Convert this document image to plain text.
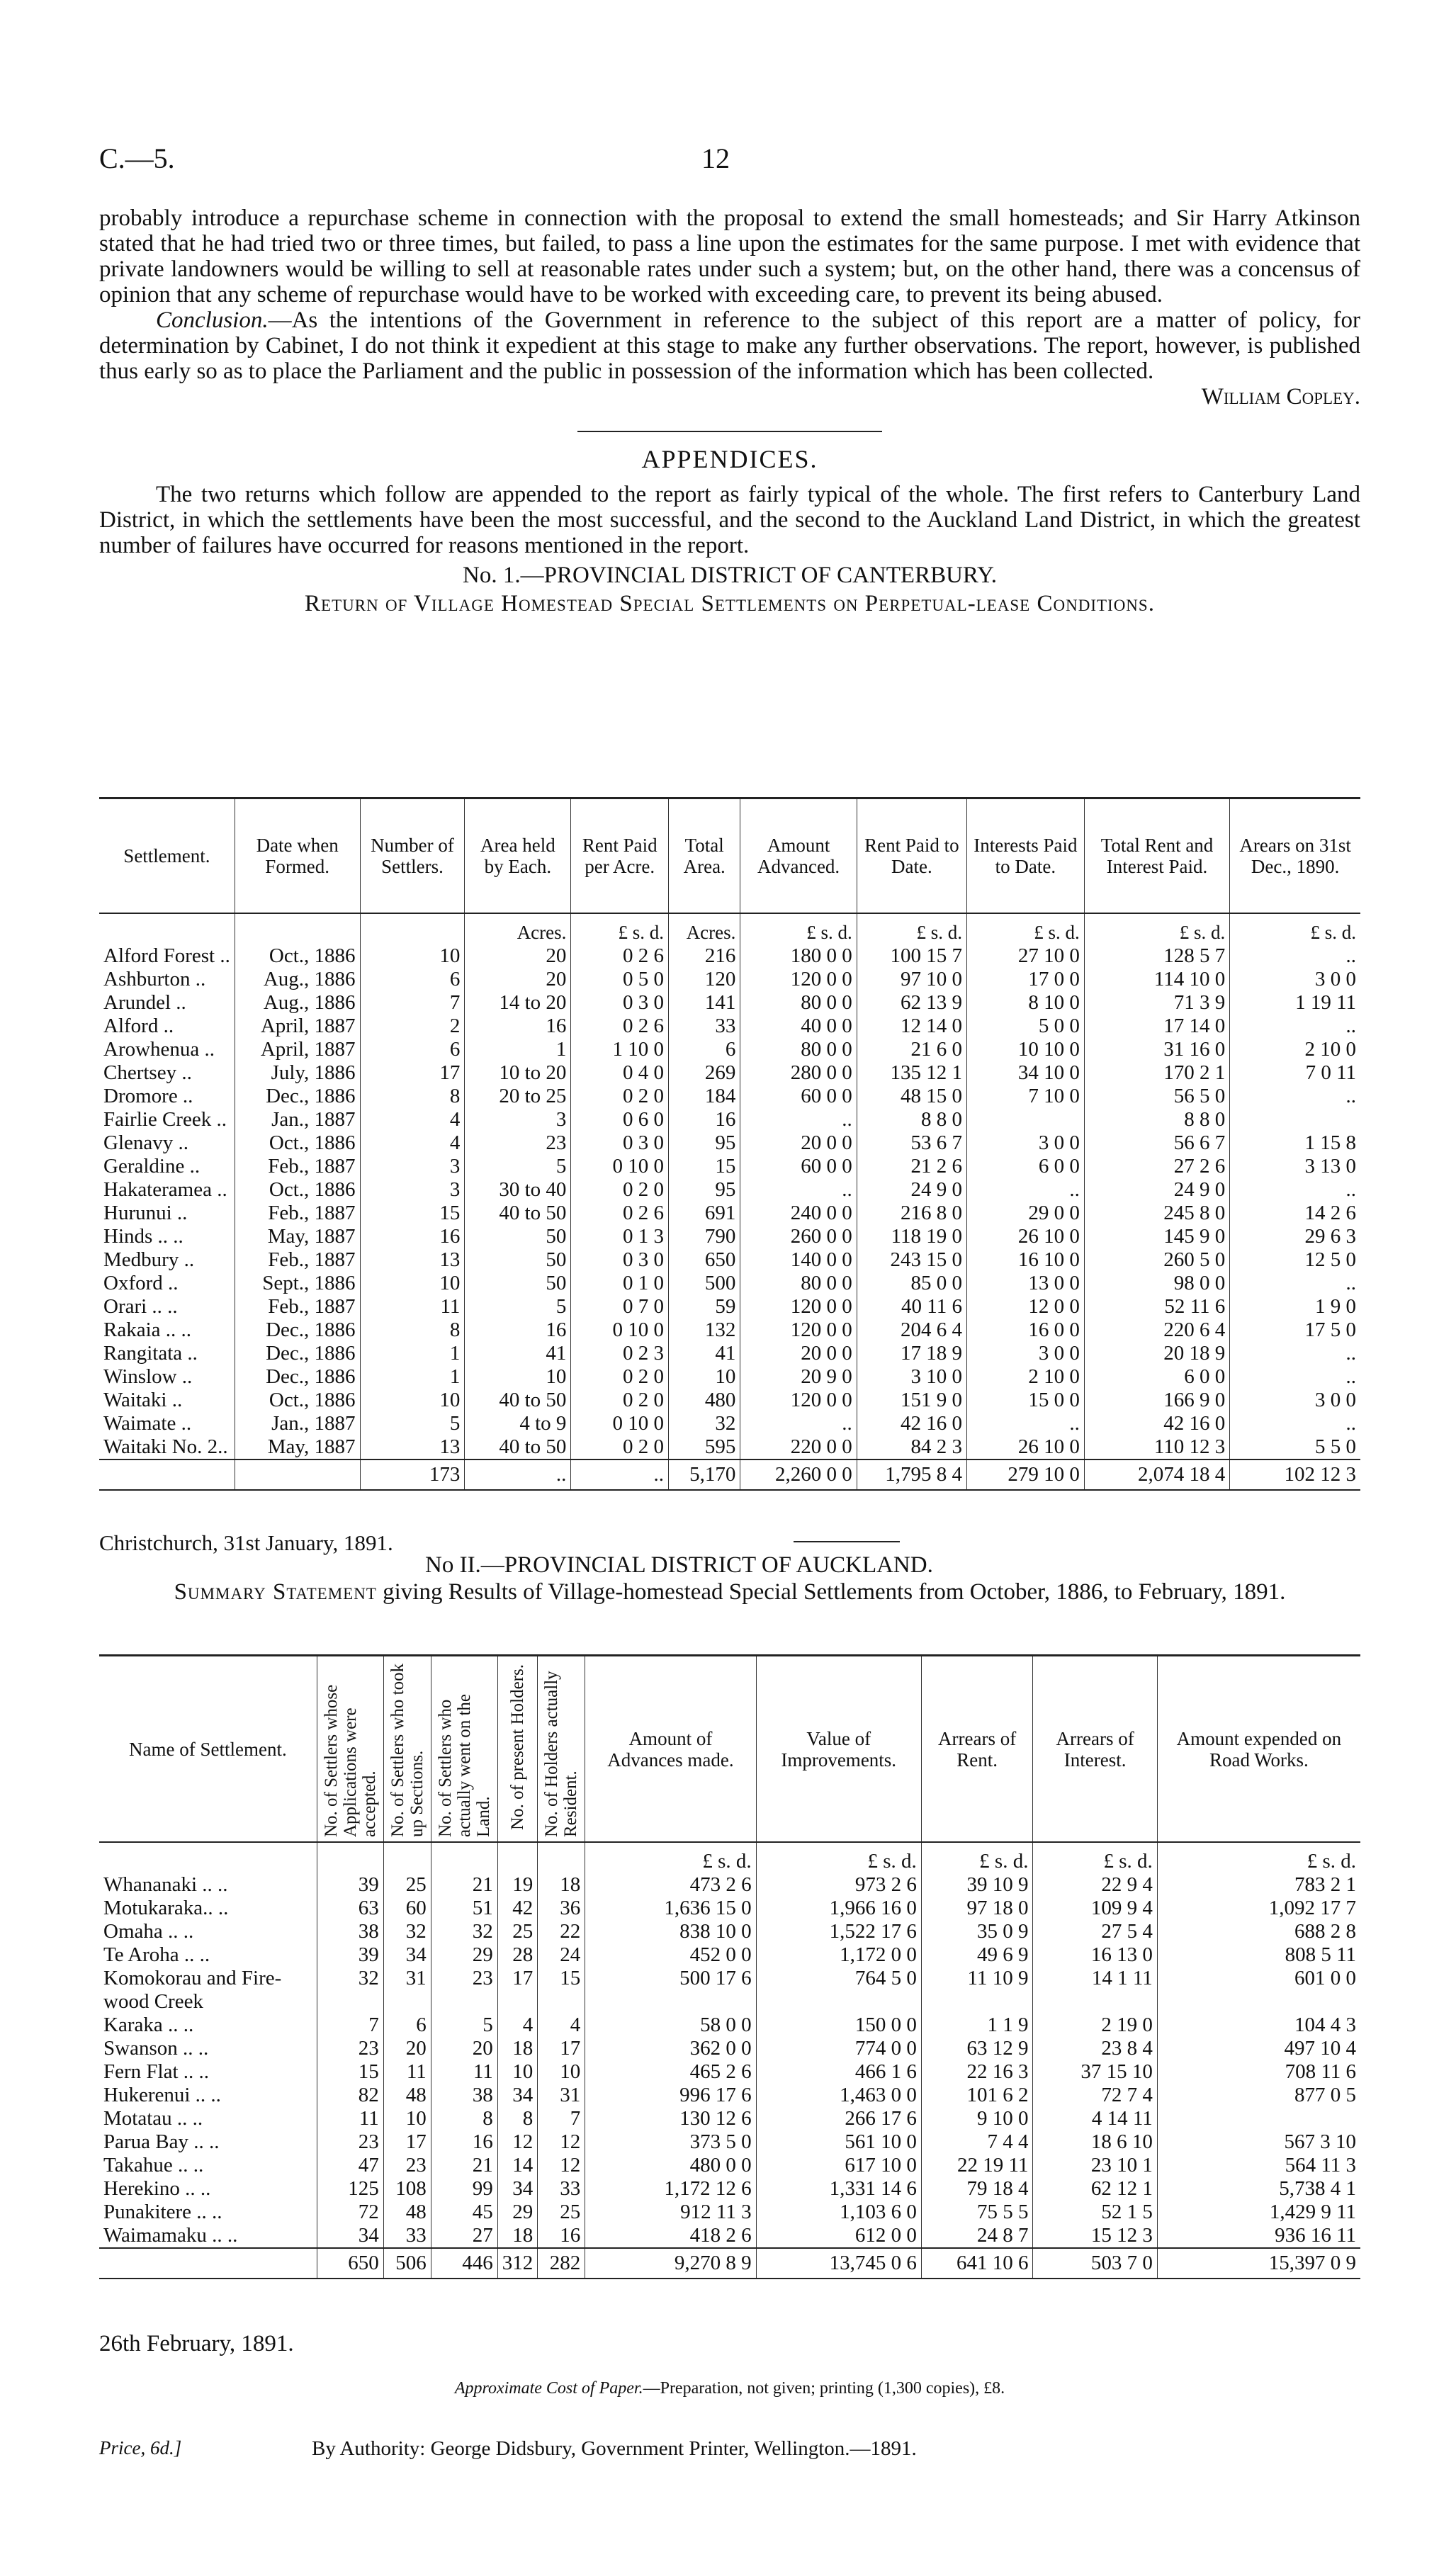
C.—5.	12

probably introduce a repurchase scheme in connection with the proposal to extend the small homesteads; and Sir Harry Atkinson stated that he had tried two or three times, but failed, to pass a line upon the estimates for the same purpose. I met with evidence that private landowners would be willing to sell at reasonable rates under such a system; but, on the other hand, there was a concensus of opinion that any scheme of repurchase would have to be worked with exceeding care, to prevent its being abused.

Conclusion.—As the intentions of the Government in reference to the subject of this report are a matter of policy, for determination by Cabinet, I do not think it expedient at this stage to make any further observations. The report, however, is published thus early so as to place the Parliament and the public in possession of the information which has been collected.

William Copley.

APPENDICES.

The two returns which follow are appended to the report as fairly typical of the whole. The first refers to Canterbury Land District, in which the settlements have been the most successful, and the second to the Auckland Land District, in which the greatest number of failures have occurred for reasons mentioned in the report.

No. 1.—PROVINCIAL DISTRICT OF CANTERBURY.
Return of Village Homestead Special Settlements on Perpetual-lease Conditions.
Settlement.	Date when Formed.	Number of Settlers.	Area held by Each.	Rent Paid per Acre.	Total Area.	Amount Advanced.	Rent Paid to Date.	Interests Paid to Date.	Total Rent and Interest Paid.	Arears on 31st Dec., 1890.
			Acres.	£ s. d.	Acres.	£ s. d.	£ s. d.	£ s. d.	£ s. d.	£ s. d.
Alford Forest ..	Oct., 1886	10	20	0 2 6	216	180 0 0	100 15 7	27 10 0	128 5 7	..
Ashburton ..	Aug., 1886	6	20	0 5 0	120	120 0 0	97 10 0	17 0 0	114 10 0	3 0 0
Arundel ..	Aug., 1886	7	14 to 20	0 3 0	141	80 0 0	62 13 9	8 10 0	71 3 9	1 19 11
Alford ..	April, 1887	2	16	0 2 6	33	40 0 0	12 14 0	5 0 0	17 14 0	..
Arowhenua ..	April, 1887	6	1	1 10 0	6	80 0 0	21 6 0	10 10 0	31 16 0	2 10 0
Chertsey ..	July, 1886	17	10 to 20	0 4 0	269	280 0 0	135 12 1	34 10 0	170 2 1	7 0 11
Dromore ..	Dec., 1886	8	20 to 25	0 2 0	184	60 0 0	48 15 0	7 10 0	56 5 0	..
Fairlie Creek ..	Jan., 1887	4	3	0 6 0	16	..	8 8 0		8 8 0	
Glenavy ..	Oct., 1886	4	23	0 3 0	95	20 0 0	53 6 7	3 0 0	56 6 7	1 15 8
Geraldine ..	Feb., 1887	3	5	0 10 0	15	60 0 0	21 2 6	6 0 0	27 2 6	3 13 0
Hakateramea ..	Oct., 1886	3	30 to 40	0 2 0	95	..	24 9 0	..	24 9 0	..
Hurunui ..	Feb., 1887	15	40 to 50	0 2 6	691	240 0 0	216 8 0	29 0 0	245 8 0	14 2 6
Hinds .. ..	May, 1887	16	50	0 1 3	790	260 0 0	118 19 0	26 10 0	145 9 0	29 6 3
Medbury ..	Feb., 1887	13	50	0 3 0	650	140 0 0	243 15 0	16 10 0	260 5 0	12 5 0
Oxford ..	Sept., 1886	10	50	0 1 0	500	80 0 0	85 0 0	13 0 0	98 0 0	..
Orari .. ..	Feb., 1887	11	5	0 7 0	59	120 0 0	40 11 6	12 0 0	52 11 6	1 9 0
Rakaia .. ..	Dec., 1886	8	16	0 10 0	132	120 0 0	204 6 4	16 0 0	220 6 4	17 5 0
Rangitata ..	Dec., 1886	1	41	0 2 3	41	20 0 0	17 18 9	3 0 0	20 18 9	..
Winslow ..	Dec., 1886	1	10	0 2 0	10	20 9 0	3 10 0	2 10 0	6 0 0	..
Waitaki ..	Oct., 1886	10	40 to 50	0 2 0	480	120 0 0	151 9 0	15 0 0	166 9 0	3 0 0
Waimate ..	Jan., 1887	5	4 to 9	0 10 0	32	..	42 16 0	..	42 16 0	..
Waitaki No. 2..	May, 1887	13	40 to 50	0 2 0	595	220 0 0	84 2 3	26 10 0	110 12 3	5 5 0
		173	..	..	5,170	2,260 0 0	1,795 8 4	279 10 0	2,074 18 4	102 12 3
Christchurch, 31st January, 1891.
No II.—PROVINCIAL DISTRICT OF AUCKLAND.
Summary Statement giving Results of Village-homestead Special Settlements from October, 1886, to February, 1891.
Name of Settlement.	No. of Settlers whose Applications were accepted.	No. of Settlers who took up Sections.	No. of Settlers who actually went on the Land.	No. of present Holders.	No. of Holders actually Resident.	Amount of Advances made.	Value of Improvements.	Arrears of Rent.	Arrears of Interest.	Amount expended on Road Works.
						£ s. d.	£ s. d.	£ s. d.	£ s. d.	£ s. d.
Whananaki .. ..	39	25	21	19	18	473 2 6	973 2 6	39 10 9	22 9 4	783 2 1
Motukaraka.. ..	63	60	51	42	36	1,636 15 0	1,966 16 0	97 18 0	109 9 4	1,092 17 7
Omaha .. ..	38	32	32	25	22	838 10 0	1,522 17 6	35 0 9	27 5 4	688 2 8
Te Aroha .. ..	39	34	29	28	24	452 0 0	1,172 0 0	49 6 9	16 13 0	808 5 11
Komokorau and Fire-wood Creek	32	31	23	17	15	500 17 6	764 5 0	11 10 9	14 1 11	601 0 0
Karaka .. ..	7	6	5	4	4	58 0 0	150 0 0	1 1 9	2 19 0	104 4 3
Swanson .. ..	23	20	20	18	17	362 0 0	774 0 0	63 12 9	23 8 4	497 10 4
Fern Flat .. ..	15	11	11	10	10	465 2 6	466 1 6	22 16 3	37 15 10	708 11 6
Hukerenui .. ..	82	48	38	34	31	996 17 6	1,463 0 0	101 6 2	72 7 4	877 0 5
Motatau .. ..	11	10	8	8	7	130 12 6	266 17 6	9 10 0	4 14 11	
Parua Bay .. ..	23	17	16	12	12	373 5 0	561 10 0	7 4 4	18 6 10	567 3 10
Takahue .. ..	47	23	21	14	12	480 0 0	617 10 0	22 19 11	23 10 1	564 11 3
Herekino .. ..	125	108	99	34	33	1,172 12 6	1,331 14 6	79 18 4	62 12 1	5,738 4 1
Punakitere .. ..	72	48	45	29	25	912 11 3	1,103 6 0	75 5 5	52 1 5	1,429 9 11
Waimamaku .. ..	34	33	27	18	16	418 2 6	612 0 0	24 8 7	15 12 3	936 16 11
	650	506	446	312	282	9,270 8 9	13,745 0 6	641 10 6	503 7 0	15,397 0 9
26th February, 1891.
Approximate Cost of Paper.—Preparation, not given; printing (1,300 copies), £8.
Price, 6d.]	By Authority: George Didsbury, Government Printer, Wellington.—1891.
